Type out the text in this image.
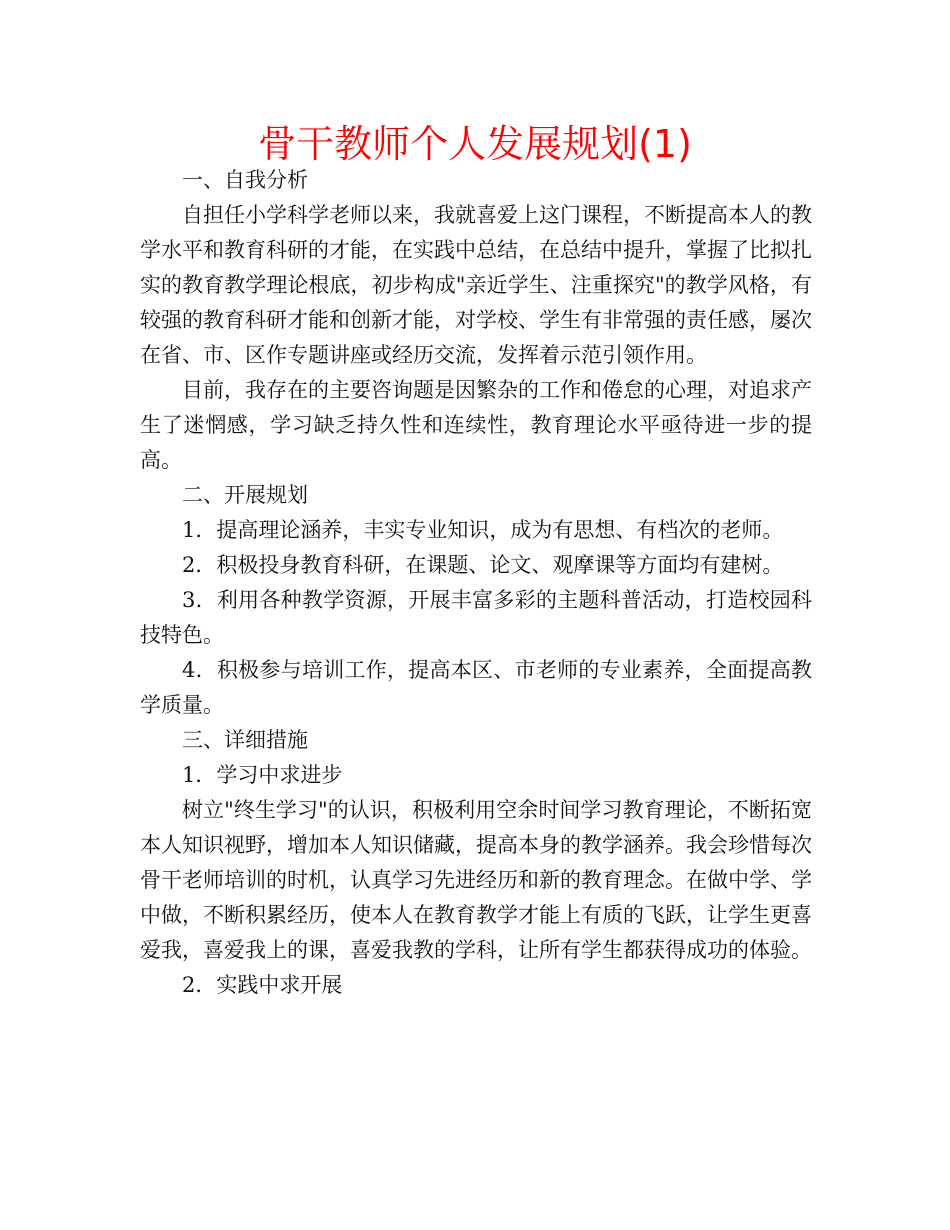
骨干教师个人发展规划(1)

一、自我分析

自担任小学科学老师以来，我就喜爱上这门课程，不断提高本人的教学水平和教育科研的才能，在实践中总结，在总结中提升，掌握了比拟扎实的教育教学理论根底，初步构成"亲近学生、注重探究"的教学风格，有较强的教育科研才能和创新才能，对学校、学生有非常强的责任感，屡次在省、市、区作专题讲座或经历交流，发挥着示范引领作用。

目前，我存在的主要咨询题是因繁杂的工作和倦怠的心理，对追求产生了迷惘感，学习缺乏持久性和连续性，教育理论水平亟待进一步的提高。

二、开展规划

1．提高理论涵养，丰实专业知识，成为有思想、有档次的老师。

2．积极投身教育科研，在课题、论文、观摩课等方面均有建树。

3．利用各种教学资源，开展丰富多彩的主题科普活动，打造校园科技特色。

4．积极参与培训工作，提高本区、市老师的专业素养，全面提高教学质量。

三、详细措施

1．学习中求进步

树立"终生学习"的认识，积极利用空余时间学习教育理论，不断拓宽本人知识视野，增加本人知识储藏，提高本身的教学涵养。我会珍惜每次骨干老师培训的时机，认真学习先进经历和新的教育理念。在做中学、学中做，不断积累经历，使本人在教育教学才能上有质的飞跃，让学生更喜爱我，喜爱我上的课，喜爱我教的学科，让所有学生都获得成功的体验。

2．实践中求开展
